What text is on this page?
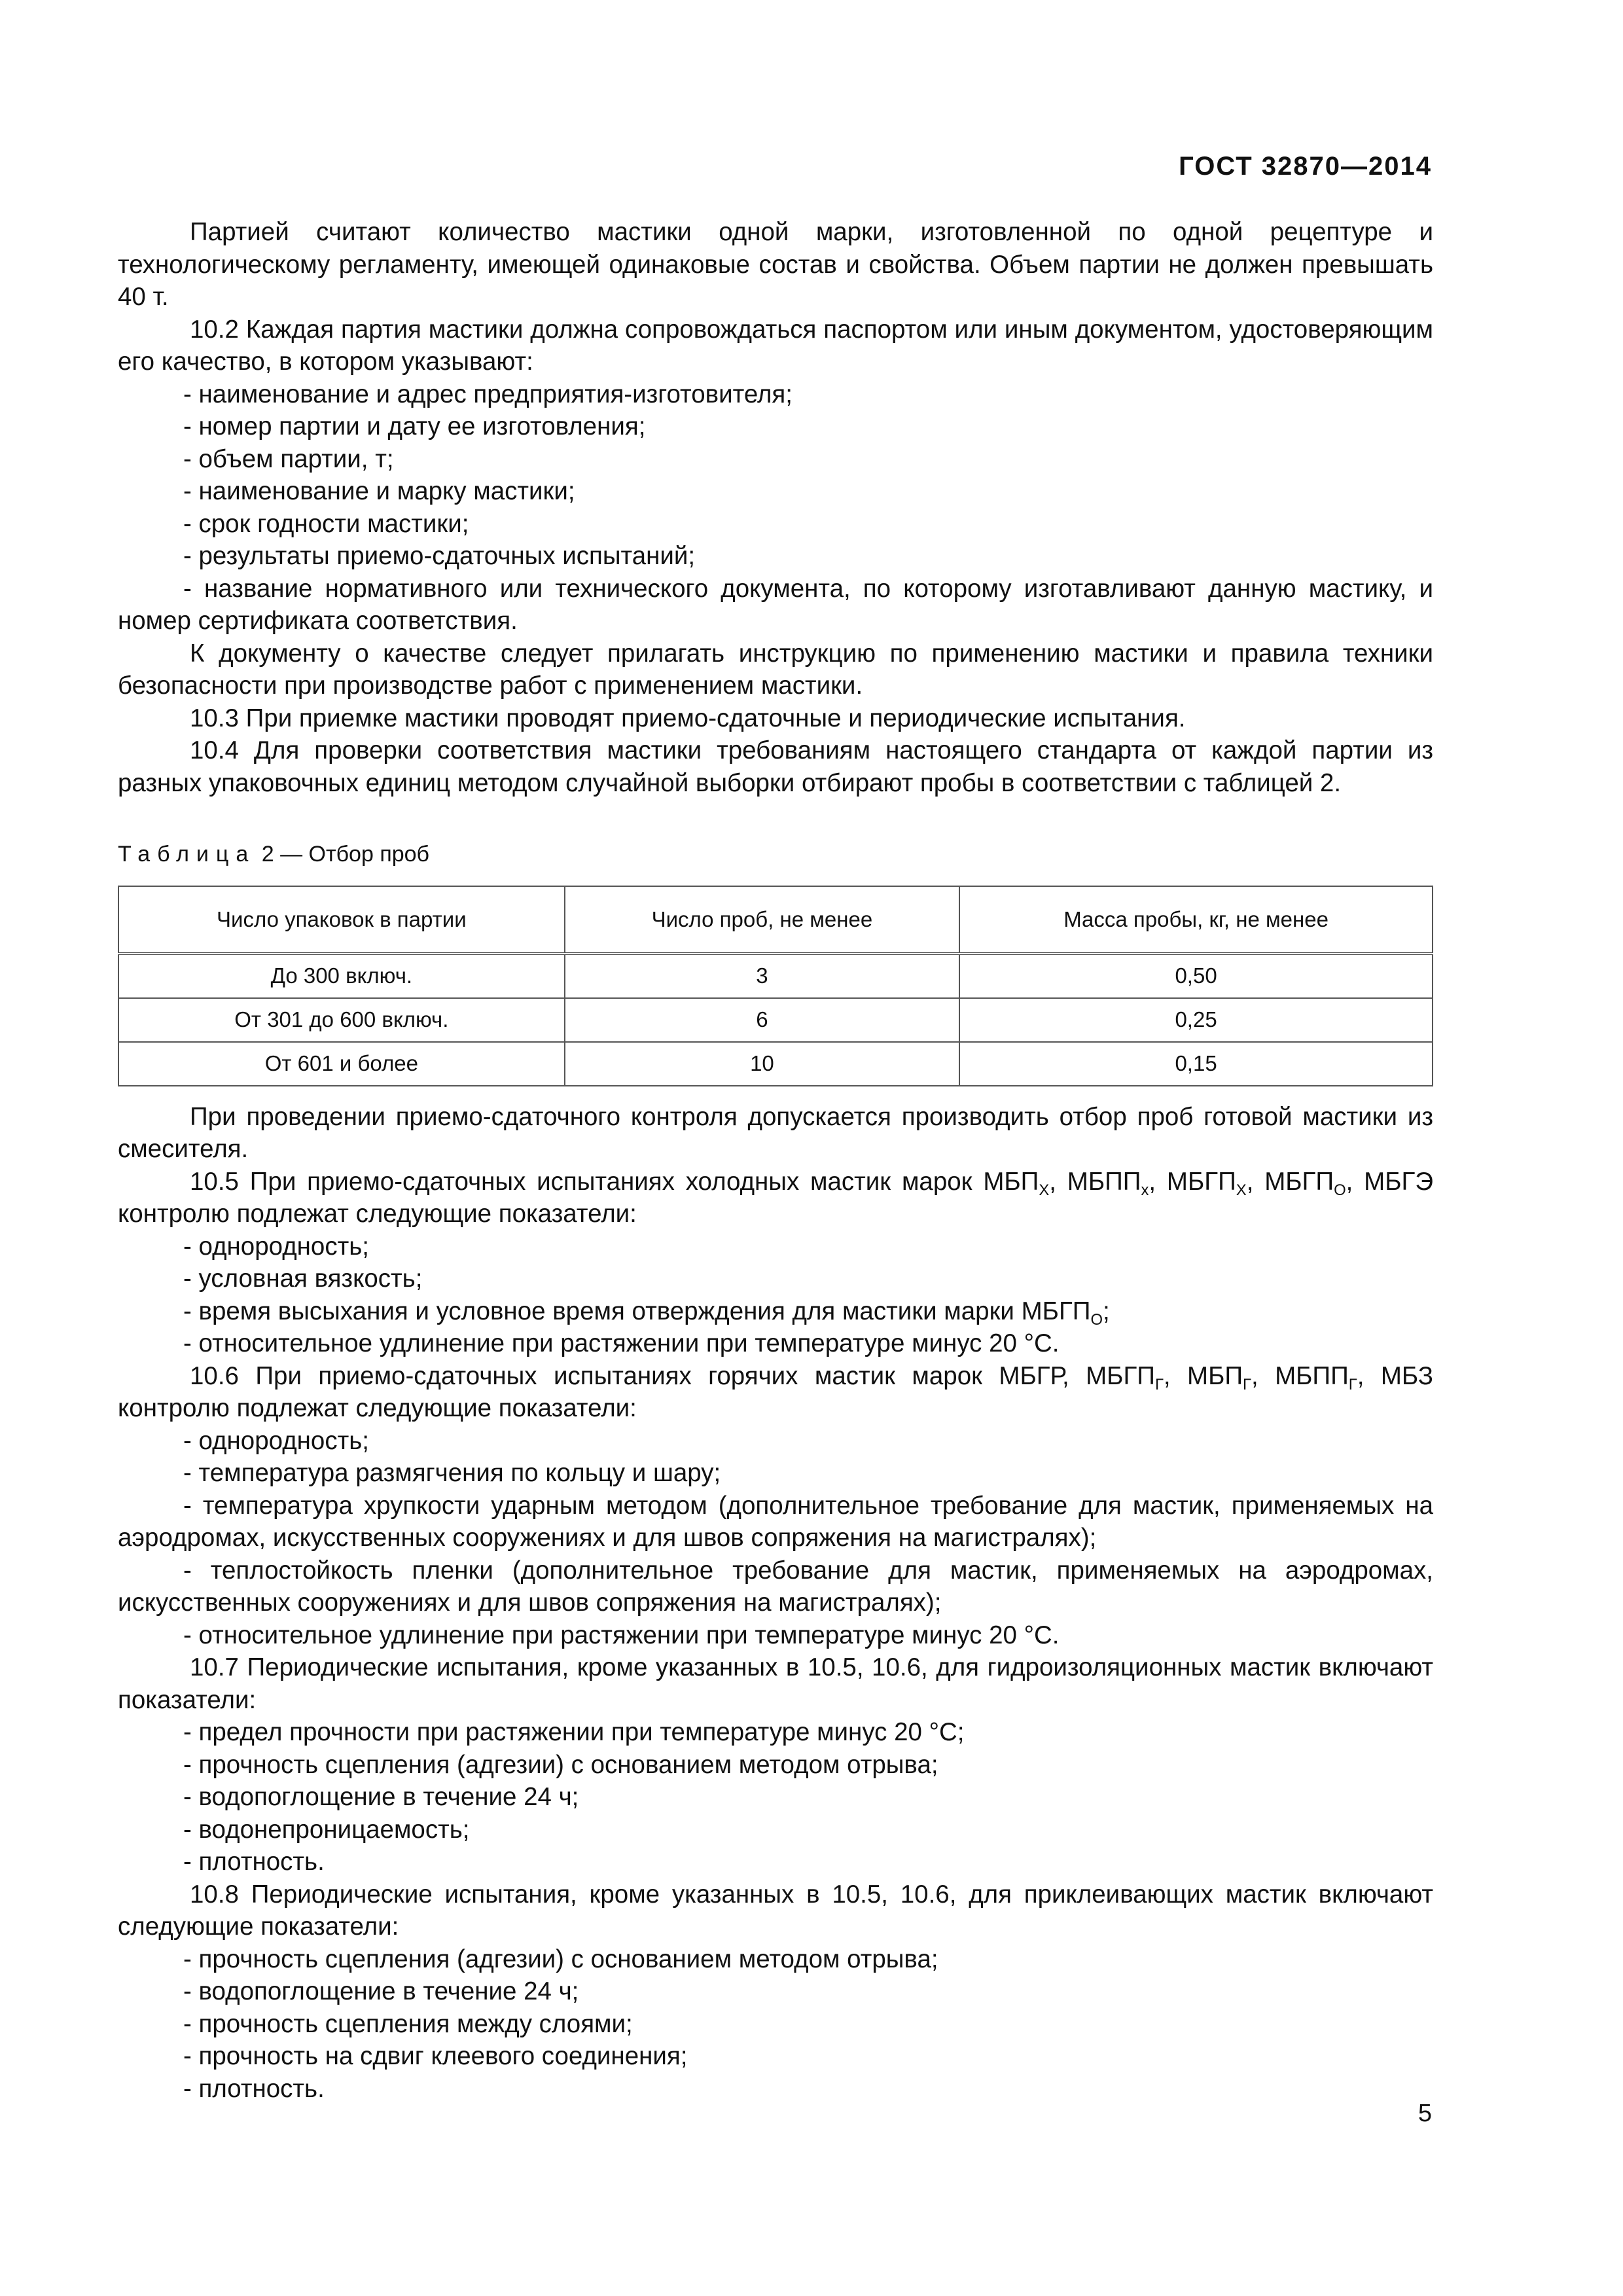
ГОСТ 32870—2014

Партией считают количество мастики одной марки, изготовленной по одной рецептуре и технологическому регламенту, имеющей одинаковые состав и свойства. Объем партии не должен превышать 40 т.

10.2 Каждая партия мастики должна сопровождаться паспортом или иным документом, удостоверяющим его качество, в котором указывают:

- наименование и адрес предприятия-изготовителя;

- номер партии и дату ее изготовления;

- объем партии, т;

- наименование и марку мастики;

- срок годности мастики;

- результаты приемо-сдаточных испытаний;

- название нормативного или технического документа, по которому изготавливают данную мастику, и номер сертификата соответствия.

К документу о качестве следует прилагать инструкцию по применению мастики и правила техники безопасности при производстве работ с применением мастики.

10.3 При приемке мастики проводят приемо-сдаточные и периодические испытания.

10.4 Для проверки соответствия мастики требованиям настоящего стандарта от каждой партии из разных упаковочных единиц методом случайной выборки отбирают пробы в соответствии с таблицей 2.

Таблица 2 — Отбор проб
Число упаковок в партии	Число проб, не менее	Масса пробы, кг, не менее
До 300 включ.	3	0,50
От 301 до 600 включ.	6	0,25
От 601 и более	10	0,15

При проведении приемо-сдаточного контроля допускается производить отбор проб готовой мастики из смесителя.

10.5 При приемо-сдаточных испытаниях холодных мастик марок $МБП_Х$, $МБПП_х$, $МБГП_Х$, $МБГП_О$, МБГЭ контролю подлежат следующие показатели:

- однородность;

- условная вязкость;

- время высыхания и условное время отверждения для мастики марки $МБГП_О$;

- относительное удлинение при растяжении при температуре минус 20 °С.

10.6 При приемо-сдаточных испытаниях горячих мастик марок МБГР, $МБГП_Г$, $МБП_Г$, $МБПП_Г$, МБЗ контролю подлежат следующие показатели:

- однородность;

- температура размягчения по кольцу и шару;

- температура хрупкости ударным методом (дополнительное требование для мастик, применяемых на аэродромах, искусственных сооружениях и для швов сопряжения на магистралях);

- теплостойкость пленки (дополнительное требование для мастик, применяемых на аэродромах, искусственных сооружениях и для швов сопряжения на магистралях);

- относительное удлинение при растяжении при температуре минус 20 °С.

10.7 Периодические испытания, кроме указанных в 10.5, 10.6, для гидроизоляционных мастик включают показатели:

- предел прочности при растяжении при температуре минус 20 °С;

- прочность сцепления (адгезии) с основанием методом отрыва;

- водопоглощение в течение 24 ч;

- водонепроницаемость;

- плотность.

10.8 Периодические испытания, кроме указанных в 10.5, 10.6, для приклеивающих мастик включают следующие показатели:

- прочность сцепления (адгезии) с основанием методом отрыва;

- водопоглощение в течение 24 ч;

- прочность сцепления между слоями;

- прочность на сдвиг клеевого соединения;

- плотность.

5
